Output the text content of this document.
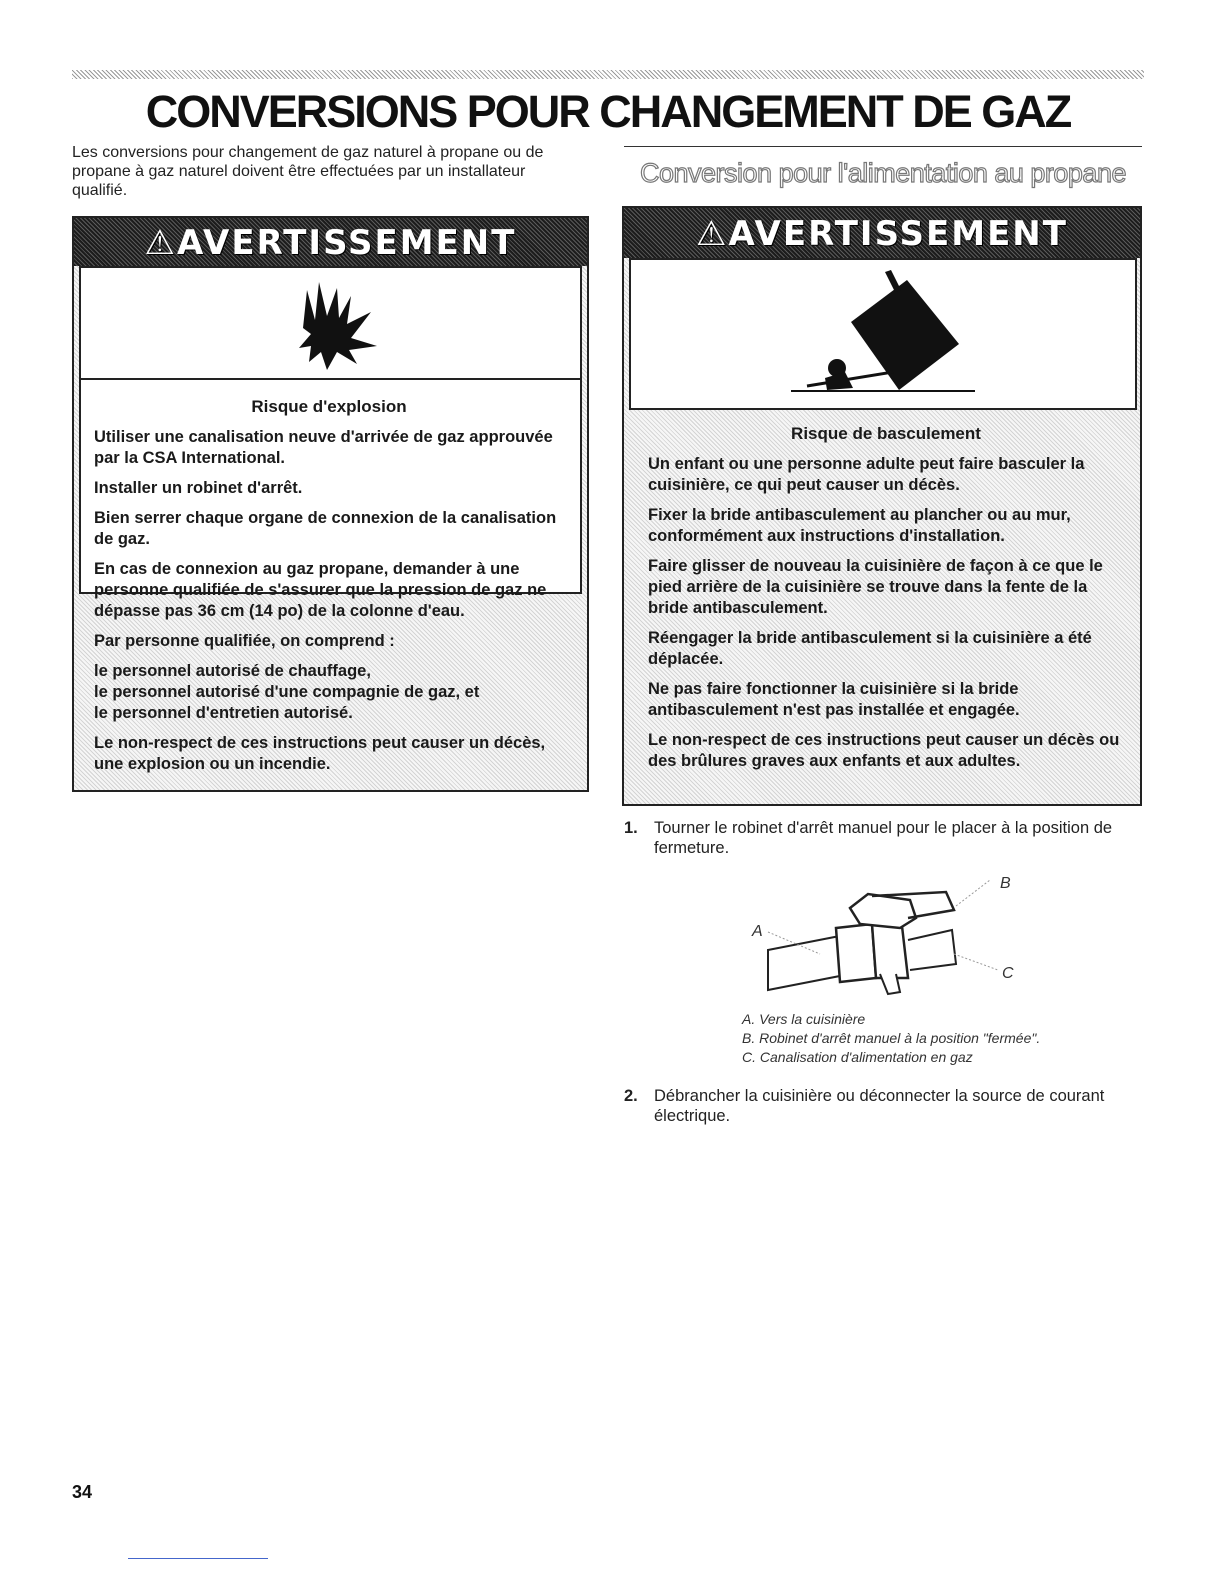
CONVERSIONS POUR CHANGEMENT DE GAZ

Les conversions pour changement de gaz naturel à propane ou de propane à gaz naturel doivent être effectuées par un installateur qualifié.

Conversion pour l'alimentation au propane
⚠AVERTISSEMENT

Risque d'explosion

Utiliser une canalisation neuve d'arrivée de gaz approuvée par la CSA International.

Installer un robinet d'arrêt.

Bien serrer chaque organe de connexion de la canalisation de gaz.

En cas de connexion au gaz propane, demander à une personne qualifiée de s'assurer que la pression de gaz ne dépasse pas 36 cm (14 po) de la colonne d'eau.

Par personne qualifiée, on comprend :

le personnel autorisé de chauffage,
le personnel autorisé d'une compagnie de gaz, et
le personnel d'entretien autorisé.

Le non-respect de ces instructions peut causer un décès, une explosion ou un incendie.

⚠AVERTISSEMENT

Risque de basculement

Un enfant ou une personne adulte peut faire basculer la cuisinière, ce qui peut causer un décès.

Fixer la bride antibasculement au plancher ou au mur, conformément aux instructions d'installation.

Faire glisser de nouveau la cuisinière de façon à ce que le pied arrière de la cuisinière se trouve dans la fente de la bride antibasculement.

Réengager la bride antibasculement si la cuisinière a été déplacée.

Ne pas faire fonctionner la cuisinière si la bride antibasculement n'est pas installée et engagée.

Le non-respect de ces instructions peut causer un décès ou des brûlures graves aux enfants et aux adultes.

1. Tourner le robinet d'arrêt manuel pour le placer à la position de fermeture.
A
B
C
A. Vers la cuisinière
B. Robinet d'arrêt manuel à la position "fermée".
C. Canalisation d'alimentation en gaz
2. Débrancher la cuisinière ou déconnecter la source de courant électrique.
34
